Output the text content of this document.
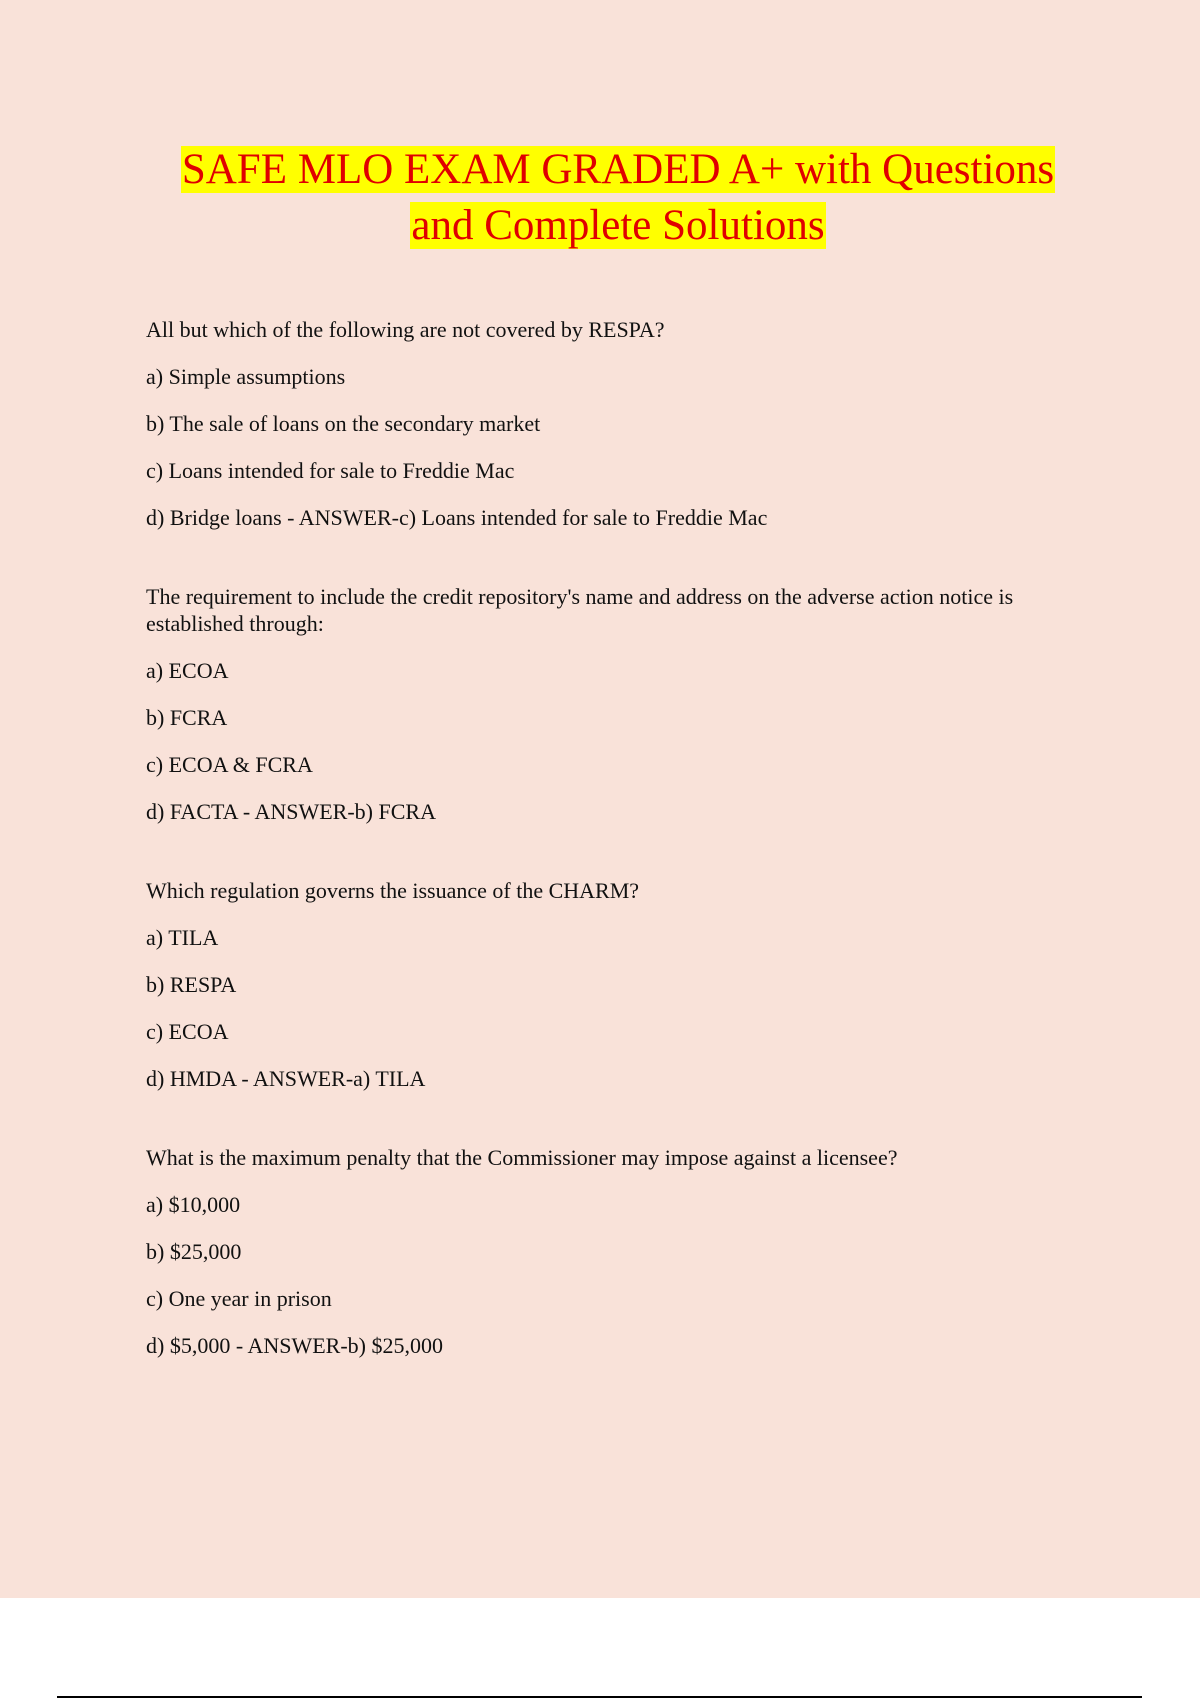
SAFE MLO EXAM GRADED A+ with Questions
and Complete Solutions
All but which of the following are not covered by RESPA?
a) Simple assumptions
b) The sale of loans on the secondary market
c) Loans intended for sale to Freddie Mac
d) Bridge loans - ANSWER-c) Loans intended for sale to Freddie Mac
The requirement to include the credit repository's name and address on the adverse action notice is established through:
a) ECOA
b) FCRA
c) ECOA & FCRA
d) FACTA - ANSWER-b) FCRA
Which regulation governs the issuance of the CHARM?
a) TILA
b) RESPA
c) ECOA
d) HMDA - ANSWER-a) TILA
What is the maximum penalty that the Commissioner may impose against a licensee?
a) $10,000
b) $25,000
c) One year in prison
d) $5,000 - ANSWER-b) $25,000
